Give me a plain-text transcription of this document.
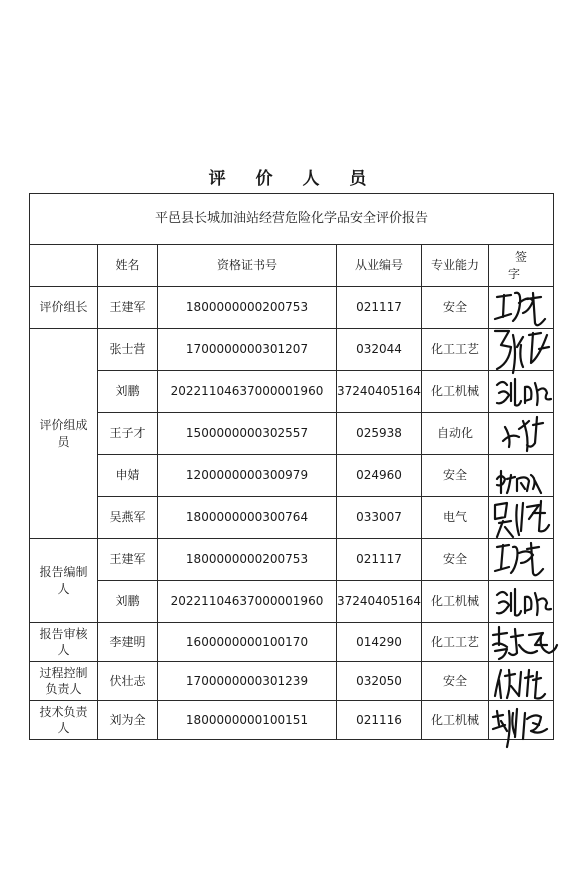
评 价 人 员
平邑县长城加油站经营危险化学品安全评价报告					
	姓名	资格证书号	从业编号	专业能力	签 字
评价组长	王建军	1800000000200753	021117	安全	

评价组成员	张士营	1700000000301207	032044	化工工艺	

	刘鹏	20221104637000001960	37240405164	化工机械	

	王子才	1500000000302557	025938	自动化	

	申婧	1200000000300979	024960	安全	

	吴燕军	1800000000300764	033007	电气	

报告编制人	王建军	1800000000200753	021117	安全	

	刘鹏	20221104637000001960	37240405164	化工机械	

报告审核人	李建明	1600000000100170	014290	化工工艺	

过程控制负责人	伏壮志	1700000000301239	032050	安全	

技术负责人	刘为全	1800000000100151	021116	化工机械	
